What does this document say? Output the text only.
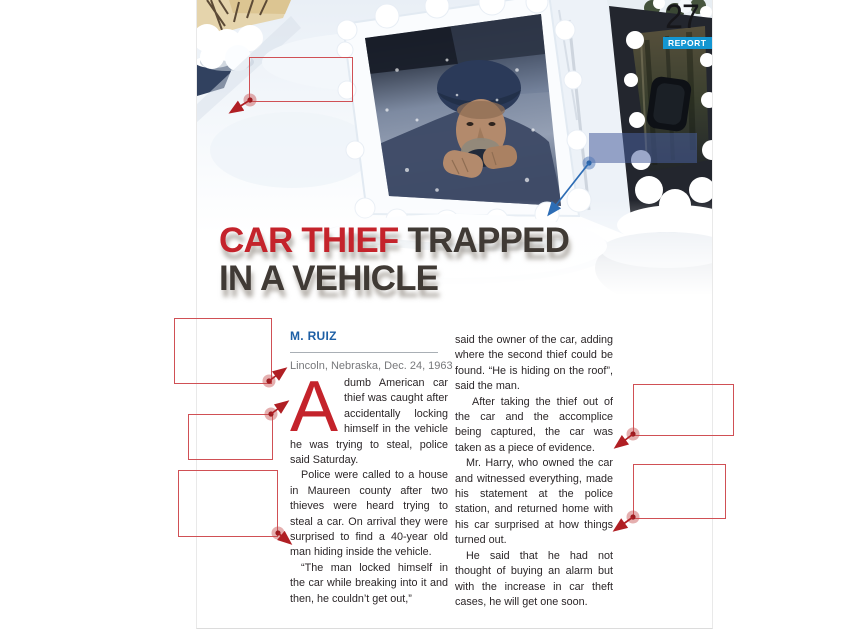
27
REPORT
CAR THIEF TRAPPED
IN A VEHICLE
M. RUIZ
Lincoln, Nebraska, Dec. 24, 1963

Adumb American car thief was caught after accidentally locking himself in the vehicle he was trying to steal, police said Saturday.

Police were called to a house in Maureen county after two thieves were heard trying to steal a car. On arrival they were surprised to find a 40-year old man hiding inside the vehicle.

“The man locked himself in the car while breaking into it and then, he couldn’t get out,”

said the owner of the car, adding where the second thief could be found. “He is hiding on the roof”, said the man.

After taking the thief out of the car and the accomplice being captured, the car was taken as a piece of evidence.

Mr. Harry, who owned the car and witnessed everything, made his statement at the police station, and returned home with his car surprised at how things turned out.

He said that he had not thought of buying an alarm but with the increase in car theft cases, he will get one soon.
